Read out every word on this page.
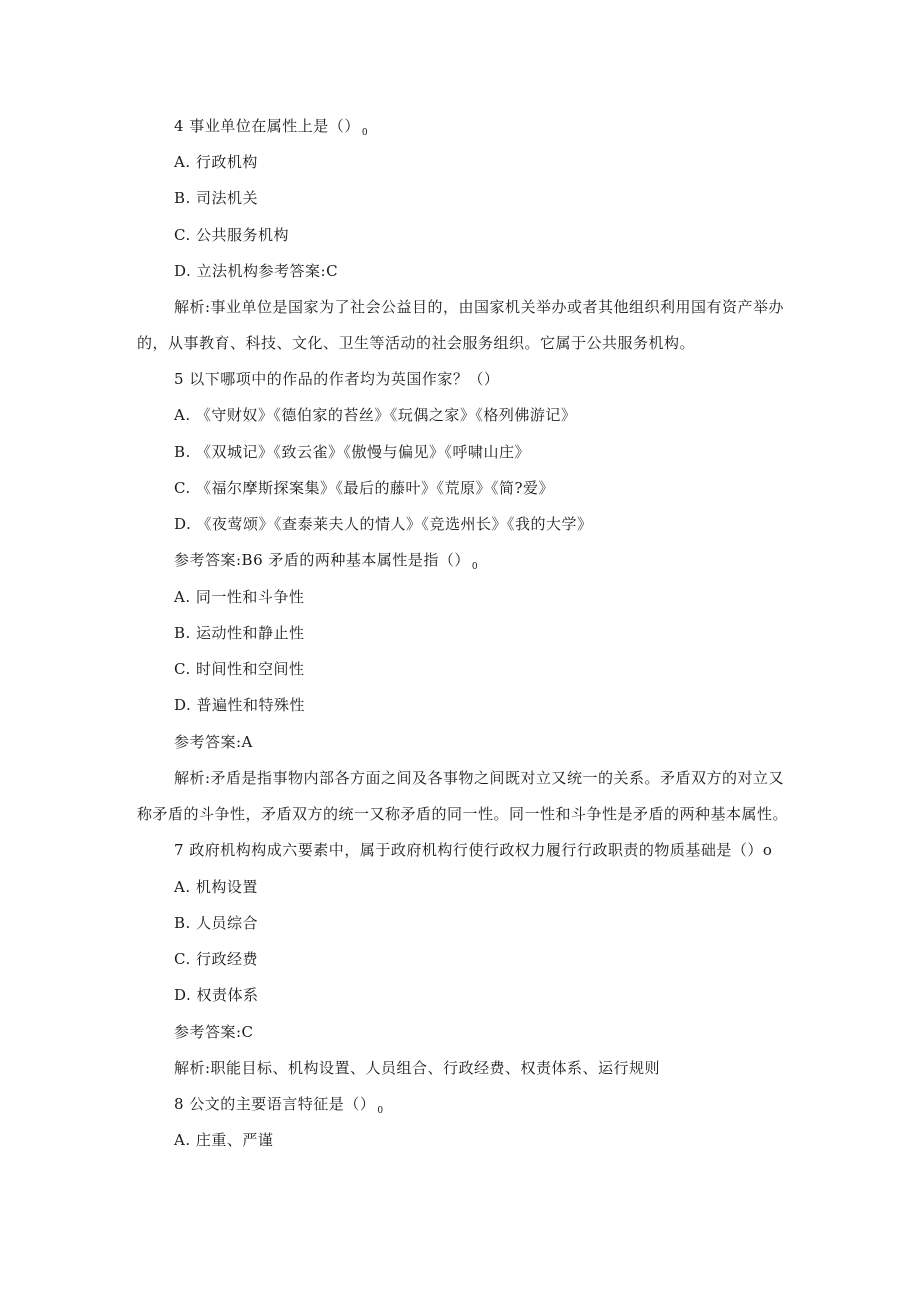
4 事业单位在属性上是（） $_0$
A. 行政机构
B. 司法机关
C. 公共服务机构
D. 立法机构参考答案:C
解析:事业单位是国家为了社会公益目的，由国家机关举办或者其他组织利用国有资产举办
的，从事教育、科技、文化、卫生等活动的社会服务组织。它属于公共服务机构。
5 以下哪项中的作品的作者均为英国作家？（）
A. 《守财奴》《德伯家的苔丝》《玩偶之家》《格列佛游记》
B. 《双城记》《致云雀》《傲慢与偏见》《呼啸山庄》
C. 《福尔摩斯探案集》《最后的藤叶》《荒原》《简?爱》
D. 《夜莺颂》《查泰莱夫人的情人》《竞选州长》《我的大学》
参考答案:B6 矛盾的两种基本属性是指（） $_0$
A. 同一性和斗争性
B. 运动性和静止性
C. 时间性和空间性
D. 普遍性和特殊性
参考答案:A
解析:矛盾是指事物内部各方面之间及各事物之间既对立又统一的关系。矛盾双方的对立又
称矛盾的斗争性，矛盾双方的统一又称矛盾的同一性。同一性和斗争性是矛盾的两种基本属性。
7 政府机构构成六要素中，属于政府机构行使行政权力履行行政职责的物质基础是（）o
A. 机构设置
B. 人员综合
C. 行政经费
D. 权责体系
参考答案:C
解析:职能目标、机构设置、人员组合、行政经费、权责体系、运行规则
8 公文的主要语言特征是（） $_0$
A. 庄重、严谨
